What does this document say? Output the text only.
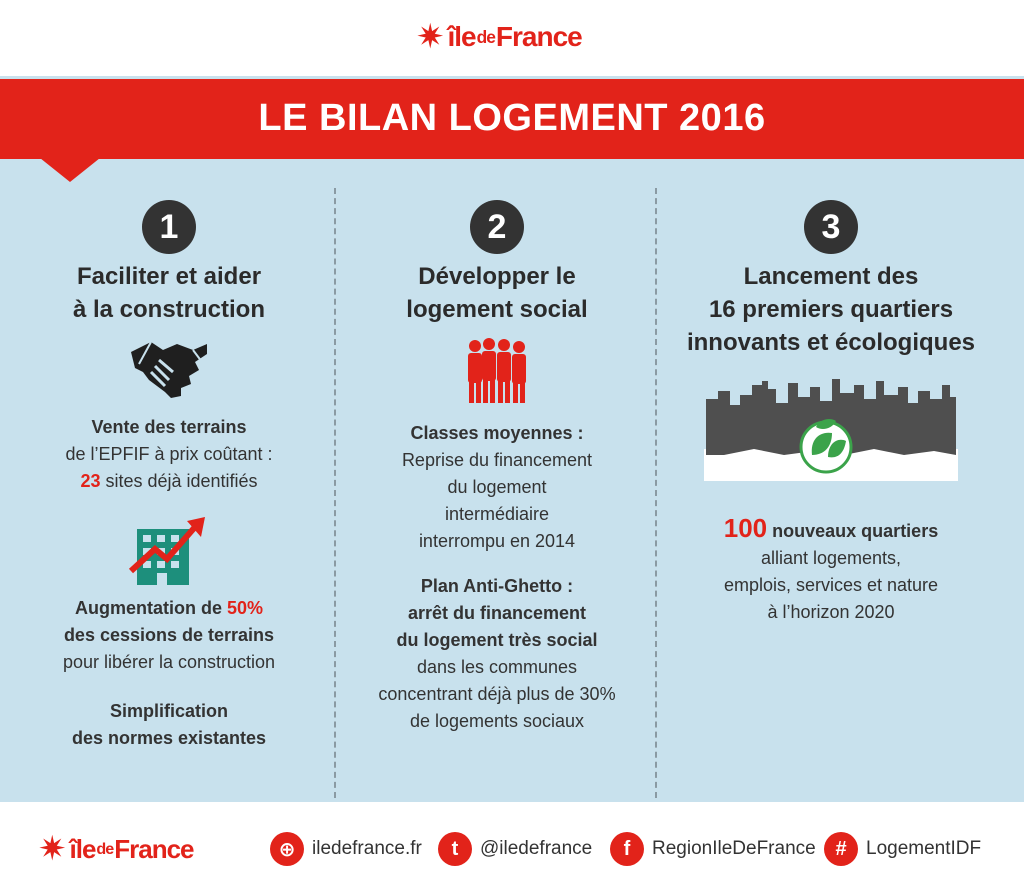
✷ île de France
LE BILAN LOGEMENT 2016
1
Faciliter et aider
à la construction
Vente des terrains
de l’EPFIF à prix coûtant :
23 sites déjà identifiés
Augmentation de 50%
des cessions de terrains
pour libérer la construction
Simplification
des normes existantes
2
Développer le
logement social
Classes moyennes :
Reprise du financement
du logement
intermédiaire
interrompu en 2014
Plan Anti-Ghetto :
arrêt du financement
du logement très social
dans les communes
concentrant déjà plus de 30%
de logements sociaux
3
Lancement des
16 premiers quartiers
innovants et écologiques
100 nouveaux quartiers
alliant logements,
emplois, services et nature
à l’horizon 2020
✷ île de France	⊕ iledefrance.fr	t	@iledefrance	f	RegionIleDeFrance #	LogementIDF
